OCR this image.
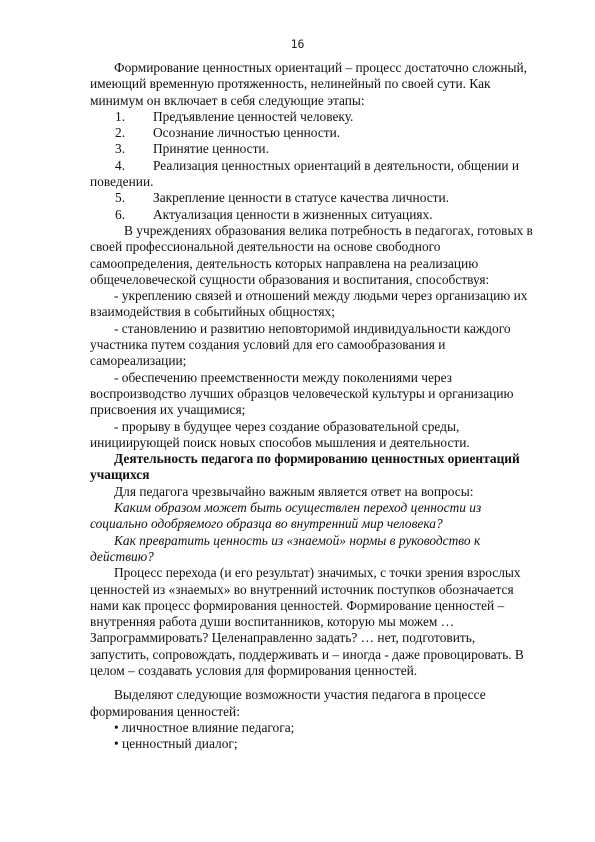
16

Формирование ценностных ориентаций – процесс достаточно сложный, имеющий временную протяженность, нелинейный по своей сути. Как минимум он включает в себя следующие этапы:

1. Предъявление ценностей человеку.

2. Осознание личностью ценности.

3. Принятие ценности.

4. Реализация ценностных ориентаций в деятельности, общении и поведении.

5. Закрепление ценности в статусе качества личности.

6. Актуализация ценности в жизненных ситуациях.

В учреждениях образования велика потребность в педагогах, готовых в своей профессиональной деятельности на основе свободного самоопределения, деятельность которых направлена на реализацию общечеловеческой сущности образования и воспитания, способствуя:

- укреплению связей и отношений между людьми через организацию их взаимодействия в событийных общностях;

- становлению и развитию неповторимой индивидуальности каждого участника путем создания условий для его самообразования и самореализации;

- обеспечению преемственности между поколениями через воспроизводство лучших образцов человеческой культуры и организацию присвоения их учащимися;

- прорыву в будущее через создание образовательной среды, инициирующей поиск новых способов мышления и деятельности.

Деятельность педагога по формированию ценностных ориентаций учащихся

Для педагога чрезвычайно важным является ответ на вопросы:

Каким образом может быть осуществлен переход ценности из социально одобряемого образца во внутренний мир человека?

Как превратить ценность из «знаемой» нормы в руководство к действию?

Процесс перехода (и его результат) значимых, с точки зрения взрослых ценностей из «знаемых» во внутренний источник поступков обозначается нами как процесс формирования ценностей. Формирование ценностей – внутренняя работа души воспитанников, которую мы можем … Запрограммировать? Целенаправленно задать? … нет, подготовить, запустить, сопровождать, поддерживать и – иногда - даже провоцировать. В целом – создавать условия для формирования ценностей.

Выделяют следующие возможности участия педагога в процессе формирования ценностей:

• личностное влияние педагога;

• ценностный диалог;
